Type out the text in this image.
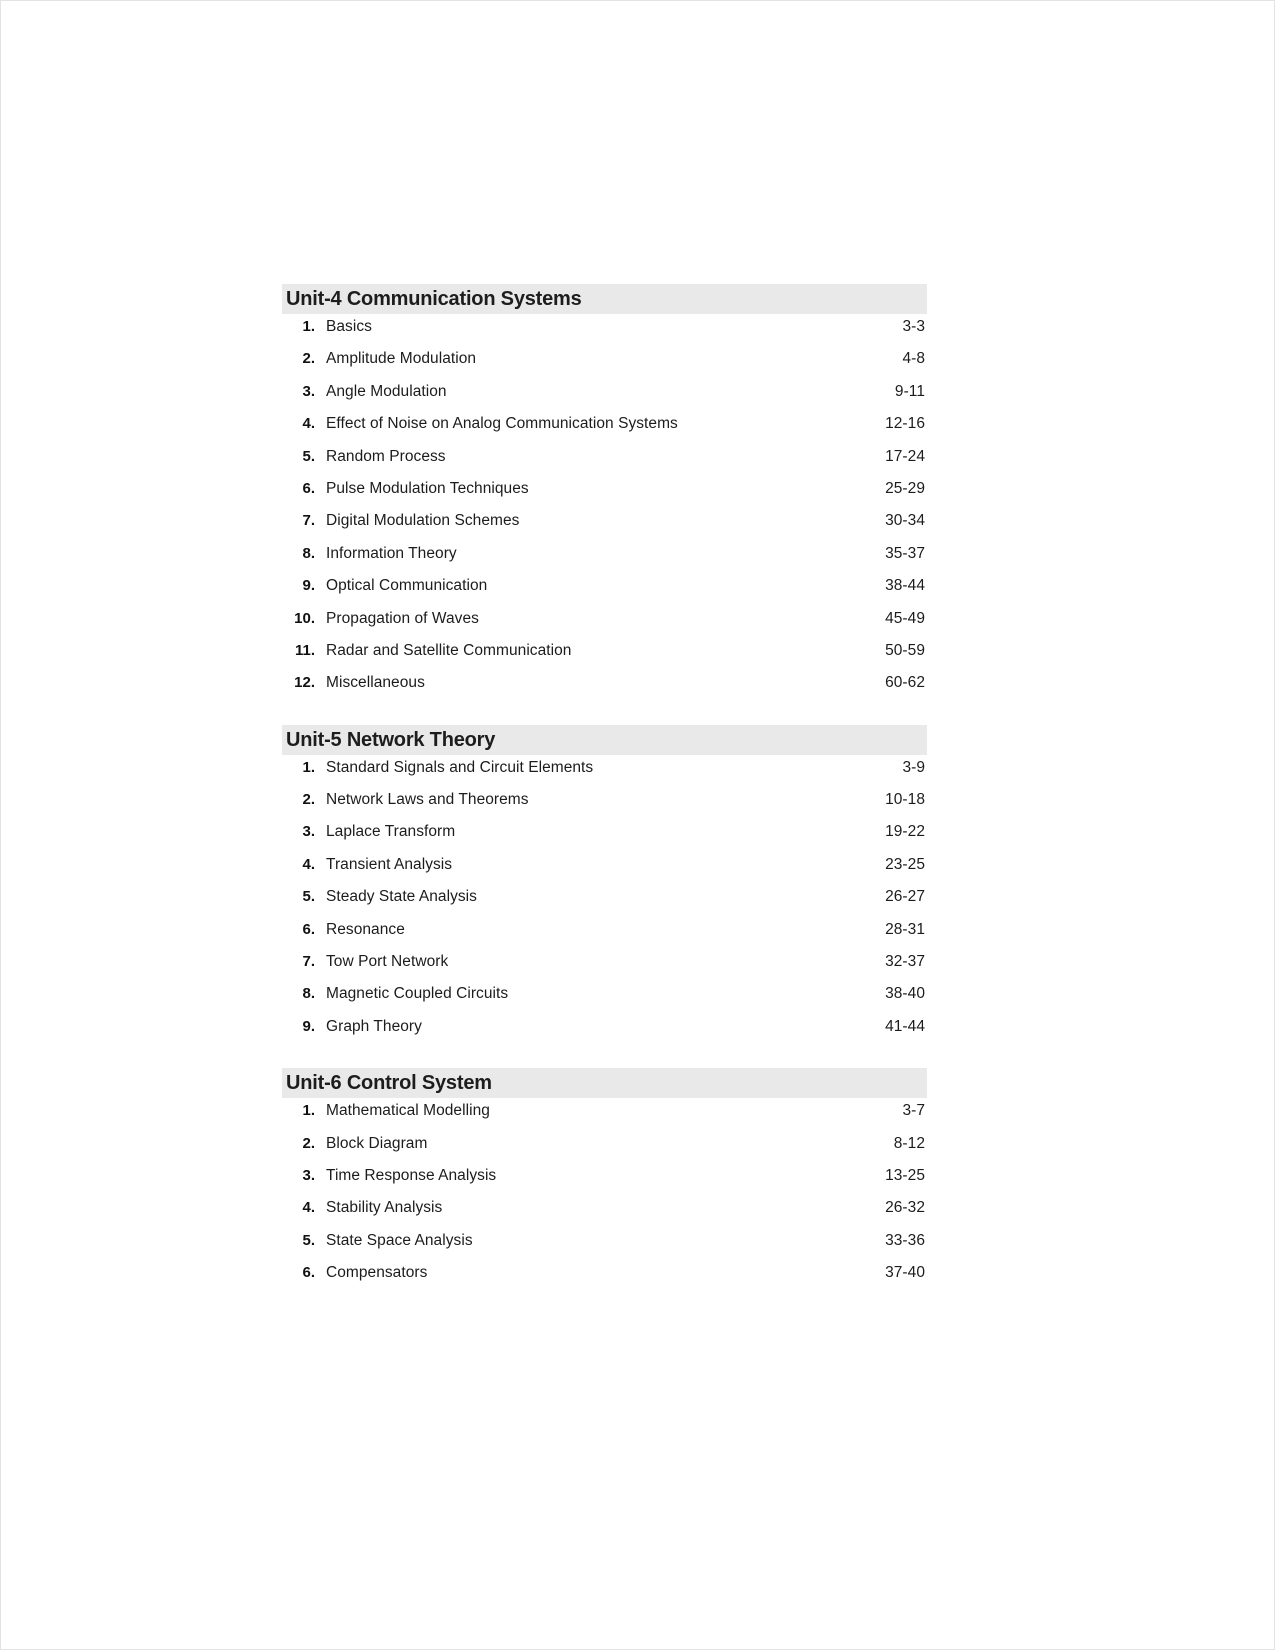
Unit-4 Communication Systems
1. Basics	3-3
2. Amplitude Modulation	4-8
3. Angle Modulation	9-11
4. Effect of Noise on Analog Communication Systems	12-16
5. Random Process	17-24
6. Pulse Modulation Techniques	25-29
7. Digital Modulation Schemes	30-34
8. Information Theory	35-37
9. Optical Communication	38-44
10. Propagation of Waves	45-49
11. Radar and Satellite Communication	50-59
12. Miscellaneous	60-62
Unit-5 Network Theory
1. Standard Signals and Circuit Elements	3-9
2. Network Laws and Theorems	10-18
3. Laplace Transform	19-22
4. Transient Analysis	23-25
5. Steady State Analysis	26-27
6. Resonance	28-31
7. Tow Port Network	32-37
8. Magnetic Coupled Circuits	38-40
9. Graph Theory	41-44
Unit-6 Control System
1. Mathematical Modelling	3-7
2. Block Diagram	8-12
3. Time Response Analysis	13-25
4. Stability Analysis	26-32
5. State Space Analysis	33-36
6. Compensators	37-40
